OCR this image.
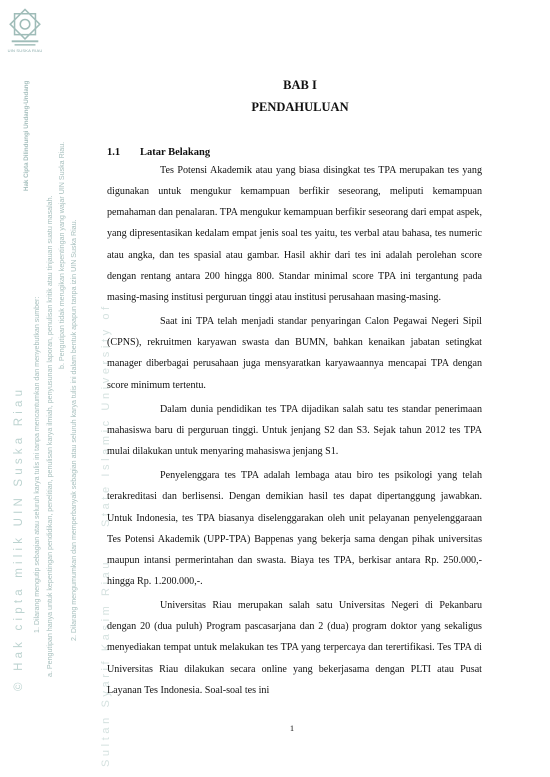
UIN SUSKA RIAU
© Hak cipta milik UIN Suska Riau
Hak Cipta Dilindungi Undang-Undang
1. Dilarang mengutip sebagian atau seluruh karya tulis ini tanpa mencantumkan dan menyebutkan sumber: a. Pengutipan hanya untuk kepentingan pendidikan, penelitian, penulisan karya ilmiah, penyusunan laporan, penulisan kritik atau tinjauan suatu masalah. b. Pengutipan tidak merugikan kepentingan yang wajar UIN Suska Riau. 2. Dilarang mengumumkan dan memperbanyak sebagian atau seluruh karya tulis ini dalam bentuk apapun tanpa izin UIN Suska Riau. State Islamic University of
Sultan Syarif Kasim Riau
BAB I
PENDAHULUAN
1.1 Latar Belakang

Tes Potensi Akademik atau yang biasa disingkat tes TPA merupakan tes yang digunakan untuk mengukur kemampuan berfikir seseorang, meliputi kemampuan pemahaman dan penalaran. TPA mengukur kemampuan berfikir seseorang dari empat aspek, yang dipresentasikan kedalam empat jenis soal tes yaitu, tes verbal atau bahasa, tes numeric atau angka, dan tes spasial atau gambar. Hasil akhir dari tes ini adalah perolehan score dengan rentang antara 200 hingga 800. Standar minimal score TPA ini tergantung pada masing-masing institusi perguruan tinggi atau institusi perusahaan masing-masing.

Saat ini TPA telah menjadi standar penyaringan Calon Pegawai Negeri Sipil (CPNS), rekruitmen karyawan swasta dan BUMN, bahkan kenaikan jabatan setingkat manager diberbagai perusahaan juga mensyaratkan karyawaannya mencapai TPA dengan score minimum tertentu.

Dalam dunia pendidikan tes TPA dijadikan salah satu tes standar penerimaan mahasiswa baru di perguruan tinggi. Untuk jenjang S2 dan S3. Sejak tahun 2012 tes TPA mulai dilakukan untuk menyaring mahasiswa jenjang S1.

Penyelenggara tes TPA adalah lembaga atau biro tes psikologi yang telah terakreditasi dan berlisensi. Dengan demikian hasil tes dapat dipertanggung jawabkan. Untuk Indonesia, tes TPA biasanya diselenggarakan oleh unit pelayanan penyelenggaraan Tes Potensi Akademik (UPP-TPA) Bappenas yang bekerja sama dengan pihak universitas maupun intansi permerintahan dan swasta. Biaya tes TPA, berkisar antara Rp. 250.000,- hingga Rp. 1.200.000,-.

Universitas Riau merupakan salah satu Universitas Negeri di Pekanbaru dengan 20 (dua puluh) Program pascasarjana dan 2 (dua) program doktor yang sekaligus menyediakan tempat untuk melakukan tes TPA yang terpercaya dan terertifikasi. Tes TPA di Universitas Riau dilakukan secara online yang bekerjasama dengan PLTI atau Pusat Layanan Tes Indonesia. Soal-soal tes ini

1
